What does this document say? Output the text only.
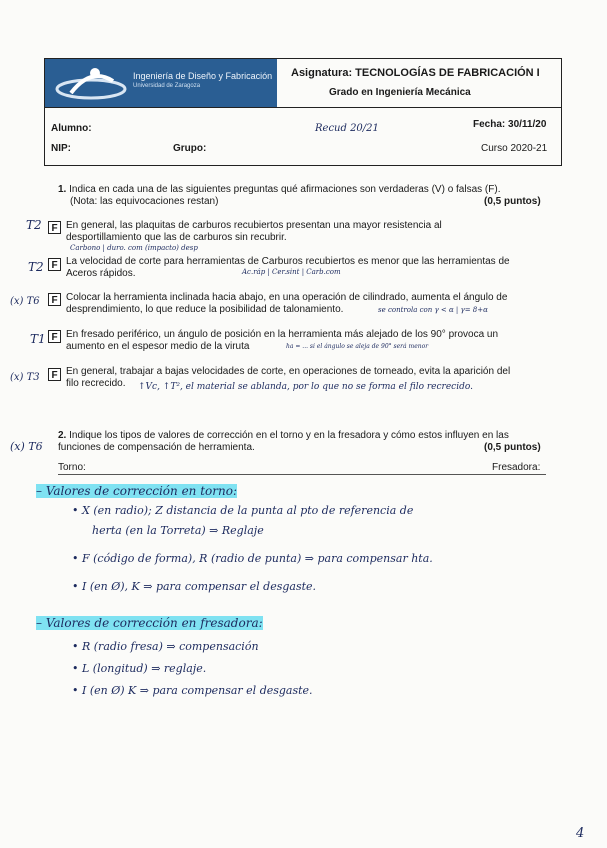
Ingeniería de Diseño y Fabricación
Universidad de Zaragoza
Asignatura: TECNOLOGÍAS DE FABRICACIÓN I
Grado en Ingeniería Mecánica
Alumno:	Fecha: 30/11/20
NIP:	Grupo:	Curso 2020-21
Recud 20/21
1. Indica en cada una de las siguientes preguntas qué afirmaciones son verdaderas (V) o falsas (F).
(Nota: las equivocaciones restan)	(0,5 puntos)
T2 F En general, las plaquitas de carburos recubiertos presentan una mayor resistencia al
desportillamiento que las de carburos sin recubrir.
Carbono | duro. com (impacto) desp
T2 F La velocidad de corte para herramientas de Carburos recubiertos es menor que las herramientas de
Aceros rápidos.	Ac.ráp | Cer.sint | Carb.com
(x) T6	F Colocar la herramienta inclinada hacia abajo, en una operación de cilindrado, aumenta el ángulo de
desprendimiento, lo que reduce la posibilidad de talonamiento.	se controla con γ < α | γ= 8+α
T1 F En fresado periférico, un ángulo de posición en la herramienta más alejado de los 90° provoca un
aumento en el espesor medio de la viruta	ha = ... si el ángulo se aleja de 90° será menor
(x) T3	F En general, trabajar a bajas velocidades de corte, en operaciones de torneado, evita la aparición del
filo recrecido. ↑Vc, ↑T², el material se ablanda, por lo que no se forma el filo recrecido.
(x) T6
2. Indique los tipos de valores de corrección en el torno y en la fresadora y cómo estos influyen en las
funciones de compensación de herramienta.	(0,5 puntos)
Torno:	Fresadora:
– Valores de corrección en torno:
• X (en radio); Z distancia de la punta al pto de referencia de
herta (en la Torreta) ⇒ Reglaje
• F (código de forma), R (radio de punta) ⇒ para compensar hta.
• I (en Ø), K ⇒ para compensar el desgaste.
– Valores de corrección en fresadora:
• R (radio fresa) ⇒ compensación
• L (longitud) ⇒ reglaje.
• I (en Ø) K ⇒ para compensar el desgaste.
4
